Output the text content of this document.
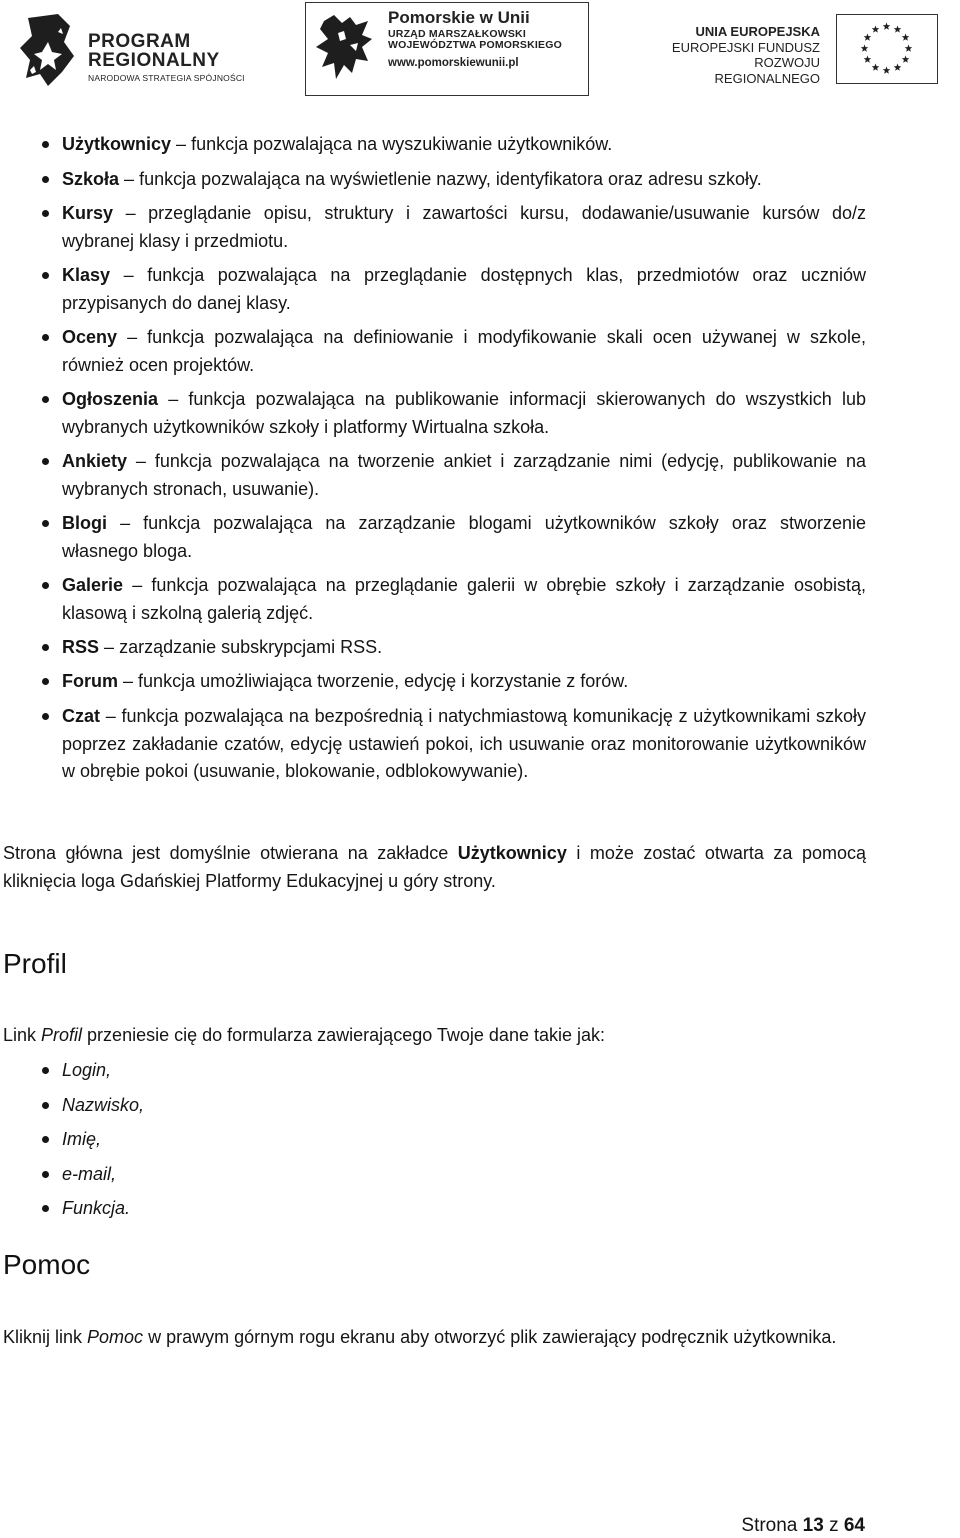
PROGRAM
REGIONALNY
NARODOWA STRATEGIA SPÓJNOŚCI
Pomorskie w Unii
URZĄD MARSZAŁKOWSKI
WOJEWÓDZTWA POMORSKIEGO
www.pomorskiewunii.pl
UNIA EUROPEJSKA
EUROPEJSKI FUNDUSZ
ROZWOJU REGIONALNEGO
Użytkownicy – funkcja pozwalająca na wyszukiwanie użytkowników.
Szkoła – funkcja pozwalająca na wyświetlenie nazwy, identyfikatora oraz adresu szkoły.
Kursy – przeglądanie opisu, struktury i zawartości kursu, dodawanie/usuwanie kursów do/z wybranej klasy i przedmiotu.
Klasy – funkcja pozwalająca na przeglądanie dostępnych klas, przedmiotów oraz uczniów przypisanych do danej klasy.
Oceny – funkcja pozwalająca na definiowanie i modyfikowanie skali ocen używanej w szkole, również ocen projektów.
Ogłoszenia – funkcja pozwalająca na publikowanie informacji skierowanych do wszystkich lub wybranych użytkowników szkoły i platformy Wirtualna szkoła.
Ankiety – funkcja pozwalająca na tworzenie ankiet i zarządzanie nimi (edycję, publikowanie na wybranych stronach, usuwanie).
Blogi – funkcja pozwalająca na zarządzanie blogami użytkowników szkoły oraz stworzenie własnego bloga.
Galerie – funkcja pozwalająca na przeglądanie galerii w obrębie szkoły i zarządzanie osobistą, klasową i szkolną galerią zdjęć.
RSS – zarządzanie subskrypcjami RSS.
Forum – funkcja umożliwiająca tworzenie, edycję i korzystanie z forów.
Czat – funkcja pozwalająca na bezpośrednią i natychmiastową komunikację z użytkownikami szkoły poprzez zakładanie czatów, edycję ustawień pokoi, ich usuwanie oraz monitorowanie użytkowników w obrębie pokoi (usuwanie, blokowanie, odblokowywanie).
Strona główna jest domyślnie otwierana na zakładce Użytkownicy i może zostać otwarta za pomocą kliknięcia loga Gdańskiej Platformy Edukacyjnej u góry strony.
Profil
Link Profil przeniesie cię do formularza zawierającego Twoje dane takie jak:
Login,
Nazwisko,
Imię,
e-mail,
Funkcja.
Pomoc
Kliknij link Pomoc w prawym górnym rogu ekranu aby otworzyć plik zawierający podręcznik użytkownika.
Strona 13 z 64
